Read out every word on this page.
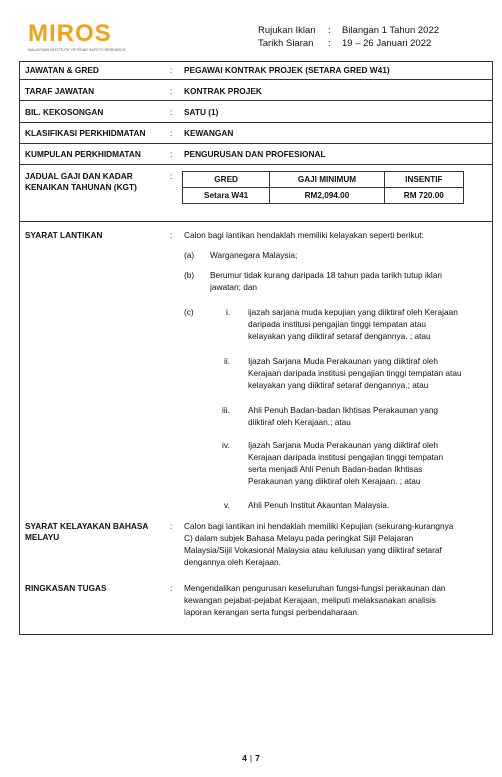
MIROS
MALAYSIAN INSTITUTE OF ROAD SAFETY RESEARCH
Rujukan Iklan	:	Bilangan 1 Tahun 2022
Tarikh Siaran	:	19 – 26 Januari 2022
JAWATAN & GRED	: PEGAWAI KONTRAK PROJEK (SETARA GRED W41)
TARAF JAWATAN	: KONTRAK PROJEK
BIL. KEKOSONGAN	: SATU (1)
KLASIFIKASI PERKHIDMATAN	: KEWANGAN
KUMPULAN PERKHIDMATAN	: PENGURUSAN DAN PROFESIONAL
JADUAL GAJI DAN KADAR
KENAIKAN TAHUNAN (KGT)
:	GRED	GAJI MINIMUM	INSENTIF
Setara W41	RM2,094.00	RM 720.00
SYARAT LANTIKAN	: Calon bagi lantikan hendaklah memiliki kelayakan seperti berikut:
(a) Warganegara Malaysia;
(b) Berumur tidak kurang daripada 18 tahun pada tarikh tutup iklan
jawatan; dan
(c)	i. ijazah sarjana muda kepujian yang diiktiraf oleh Kerajaan
daripada institusi pengajian tinggi tempatan atau
kelayakan yang diiktiraf setaraf dengannya. ; atau
ii. Ijazah Sarjana Muda Perakaunan yang diiktiraf oleh
Kerajaan daripada institusi pengajian tinggi tempatan atau
kelayakan yang diiktiraf setaraf dengannya.; atau
iii. Ahli Penuh Badan-badan Ikhtisas Perakaunan yang
diiktiraf oleh Kerajaan.; atau
iv. Ijazah Sarjana Muda Perakaunan yang diiktiraf oleh
Kerajaan daripada institusi pengajian tinggi tempatan
serta menjadi Ahli Penuh Badan-badan Ikhtisas
Perakaunan yang diiktiraf oleh Kerajaan. ; atau
v. Ahli Penuh Institut Akauntan Malaysia.
SYARAT KELAYAKAN BAHASA
MELAYU
: Calon bagi lantikan ini hendaklah memiliki Kepujian (sekurang-kurangnya
C) dalam subjek Bahasa Melayu pada peringkat Sijil Pelajaran
Malaysia/Sijil Vokasional Malaysia atau kelulusan yang diiktiraf setaraf
dengannya oleh Kerajaan.
RINGKASAN TUGAS	: Mengendalikan pengurusan keseluruhan fungsi-fungsi perakaunan dan
kewangan pejabat-pejabat Kerajaan, meliputi melaksanakan analisis
laporan kerangan serta fungsi perbendaharaan.
4 | 7
